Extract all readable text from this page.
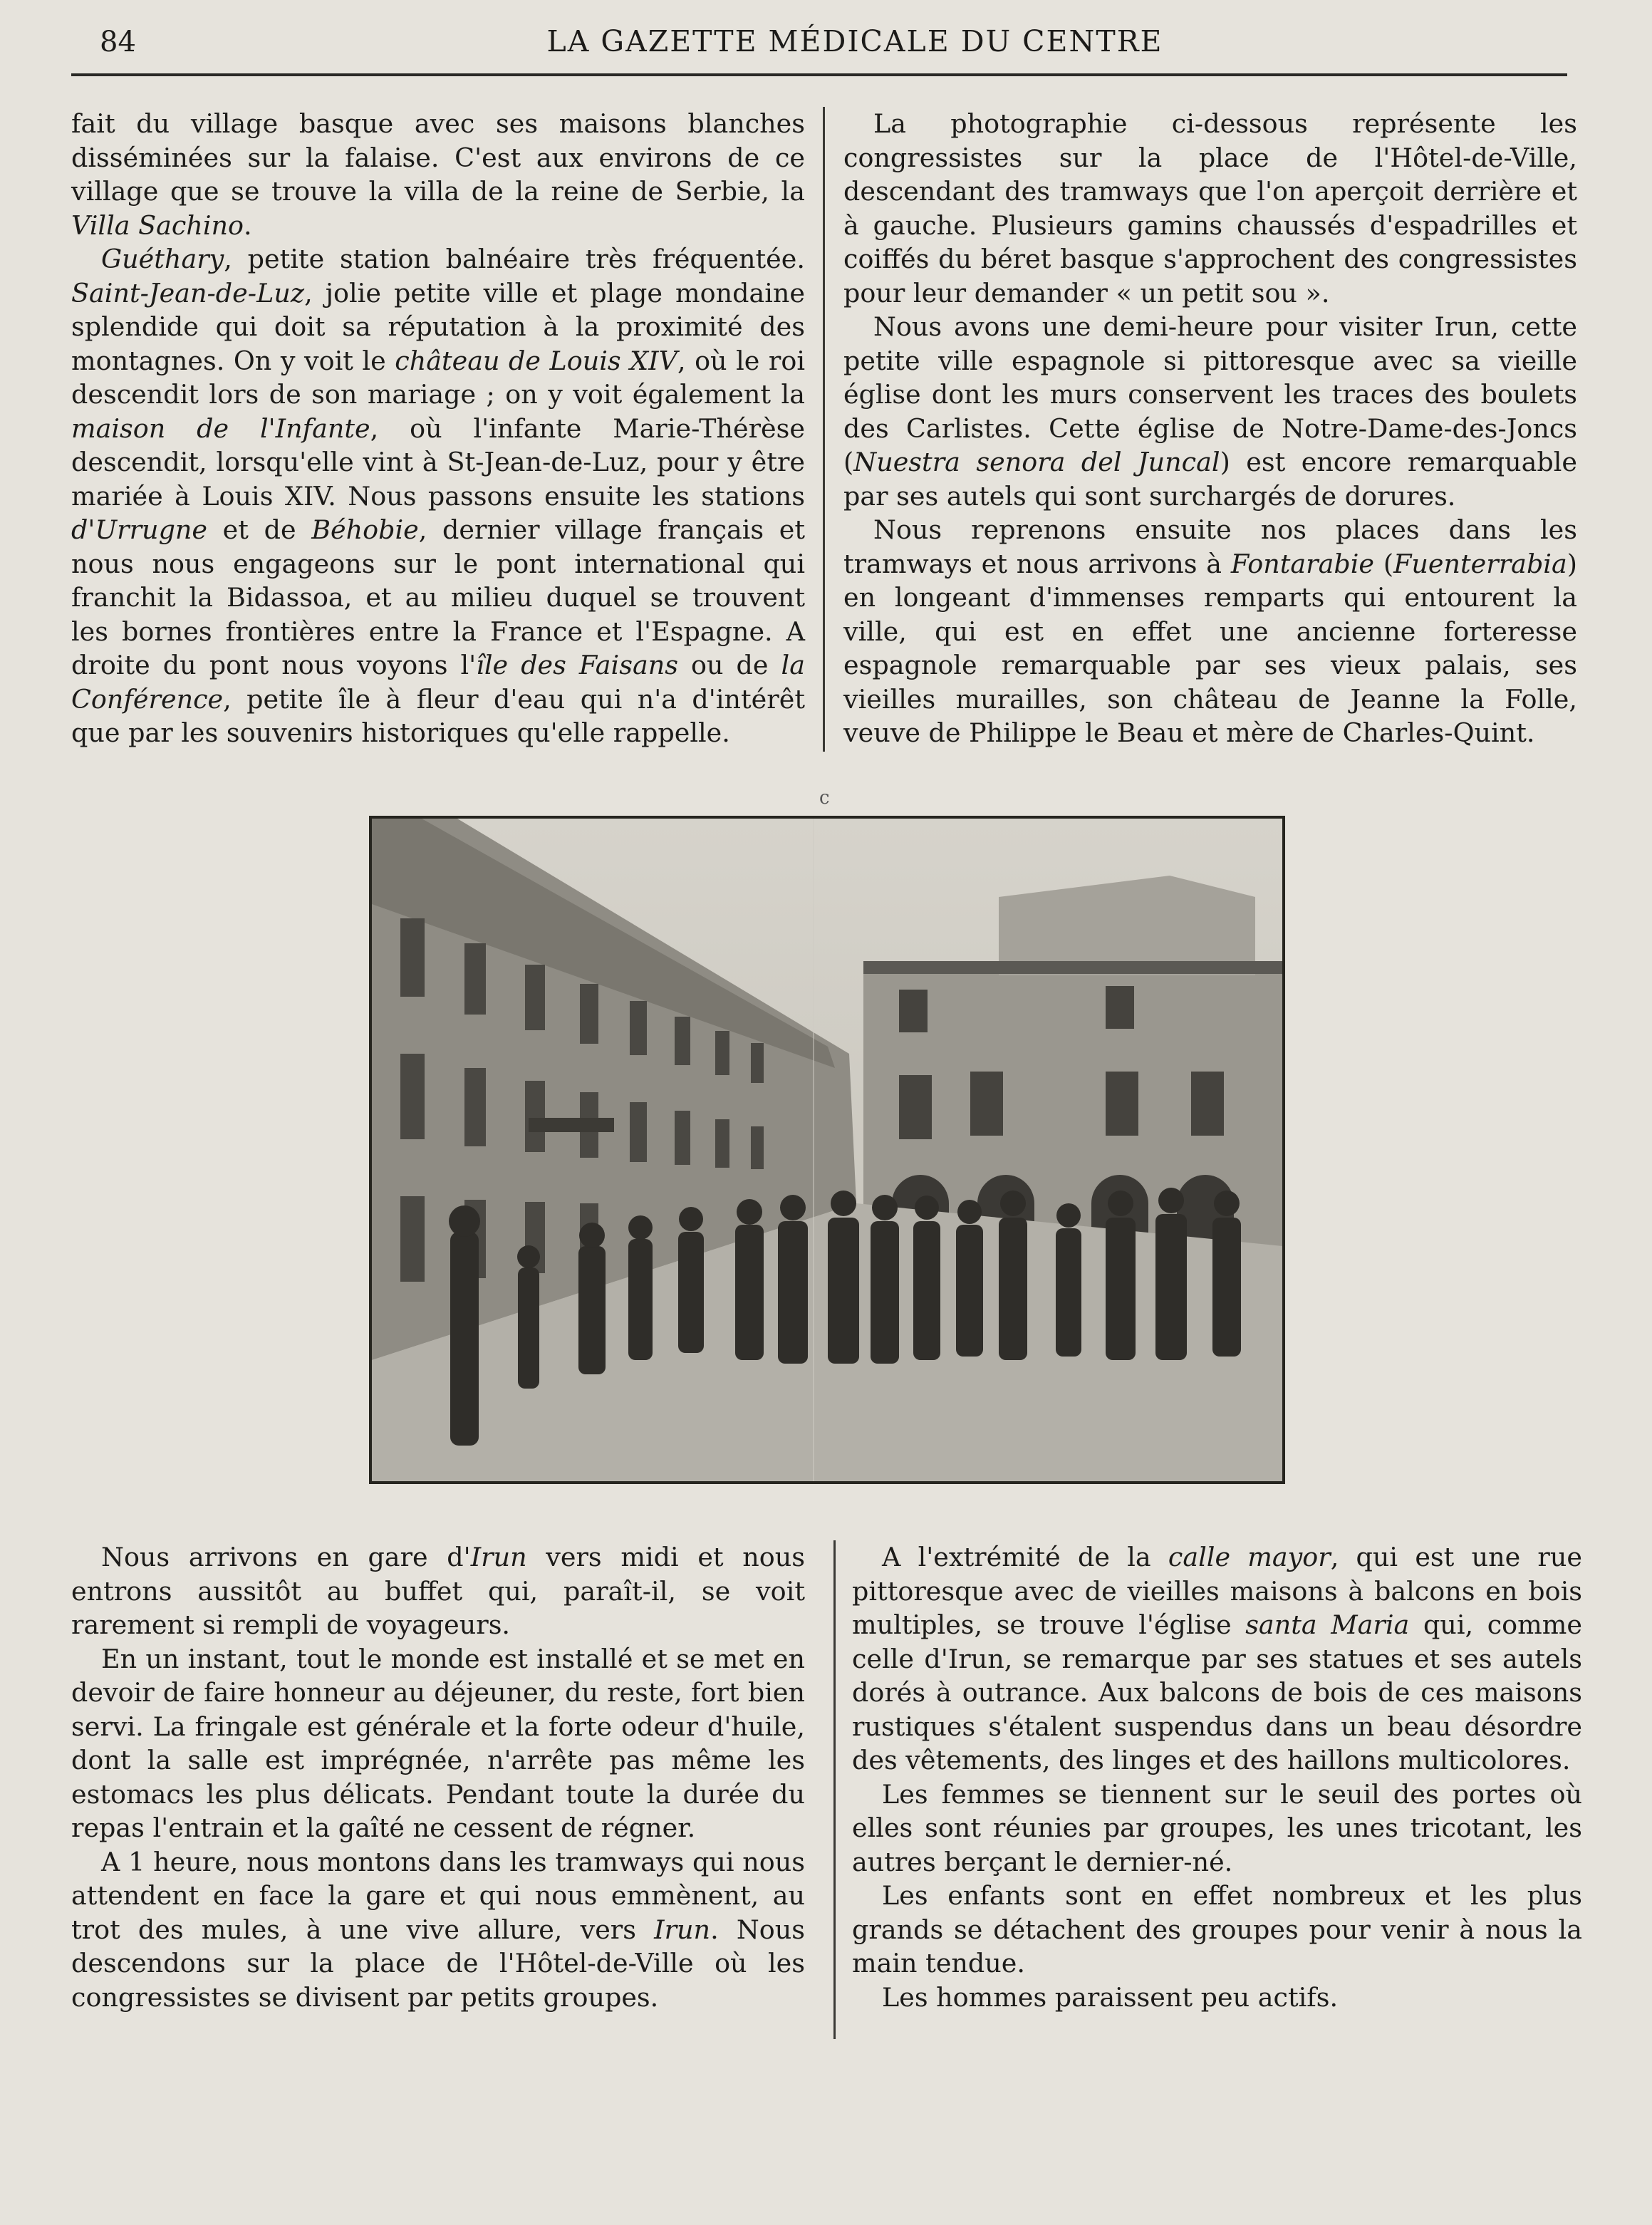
84	LA GAZETTE MÉDICALE DU CENTRE

fait du village basque avec ses maisons blanches disséminées sur la falaise. C'est aux environs de ce village que se trouve la villa de la reine de Serbie, la Villa Sachino.

Guéthary, petite station balnéaire très fréquentée. Saint-Jean-de-Luz, jolie petite ville et plage mondaine splendide qui doit sa réputation à la proximité des montagnes. On y voit le château de Louis XIV, où le roi descendit lors de son mariage ; on y voit également la maison de l'Infante, où l'infante Marie-Thérèse descendit, lorsqu'elle vint à St-Jean-de-Luz, pour y être mariée à Louis XIV. Nous passons ensuite les stations d'Urrugne et de Béhobie, dernier village français et nous nous engageons sur le pont international qui franchit la Bidassoa, et au milieu duquel se trouvent les bornes frontières entre la France et l'Espagne. A droite du pont nous voyons l'île des Faisans ou de la Conférence, petite île à fleur d'eau qui n'a d'intérêt que par les souvenirs historiques qu'elle rappelle.

La photographie ci-dessous représente les congressistes sur la place de l'Hôtel-de-Ville, descendant des tramways que l'on aperçoit derrière et à gauche. Plusieurs gamins chaussés d'espadrilles et coiffés du béret basque s'approchent des congressistes pour leur demander « un petit sou ».

Nous avons une demi-heure pour visiter Irun, cette petite ville espagnole si pittoresque avec sa vieille église dont les murs conservent les traces des boulets des Carlistes. Cette église de Notre-Dame-des-Joncs (Nuestra senora del Juncal) est encore remarquable par ses autels qui sont surchargés de dorures.

Nous reprenons ensuite nos places dans les tramways et nous arrivons à Fontarabie (Fuenterrabia) en longeant d'immenses remparts qui entourent la ville, qui est en effet une ancienne forteresse espagnole remarquable par ses vieux palais, ses vieilles murailles, son château de Jeanne la Folle, veuve de Philippe le Beau et mère de Charles-Quint.

c

Nous arrivons en gare d'Irun vers midi et nous entrons aussitôt au buffet qui, paraît-il, se voit rarement si rempli de voyageurs.

En un instant, tout le monde est installé et se met en devoir de faire honneur au déjeuner, du reste, fort bien servi. La fringale est générale et la forte odeur d'huile, dont la salle est imprégnée, n'arrête pas même les estomacs les plus délicats. Pendant toute la durée du repas l'entrain et la gaîté ne cessent de régner.

A 1 heure, nous montons dans les tramways qui nous attendent en face la gare et qui nous emmènent, au trot des mules, à une vive allure, vers Irun. Nous descendons sur la place de l'Hôtel-de-Ville où les congressistes se divisent par petits groupes.

A l'extrémité de la calle mayor, qui est une rue pittoresque avec de vieilles maisons à balcons en bois multiples, se trouve l'église santa Maria qui, comme celle d'Irun, se remarque par ses statues et ses autels dorés à outrance. Aux balcons de bois de ces maisons rustiques s'étalent suspendus dans un beau désordre des vêtements, des linges et des haillons multicolores.

Les femmes se tiennent sur le seuil des portes où elles sont réunies par groupes, les unes tricotant, les autres berçant le dernier-né.

Les enfants sont en effet nombreux et les plus grands se détachent des groupes pour venir à nous la main tendue.

Les hommes paraissent peu actifs.
